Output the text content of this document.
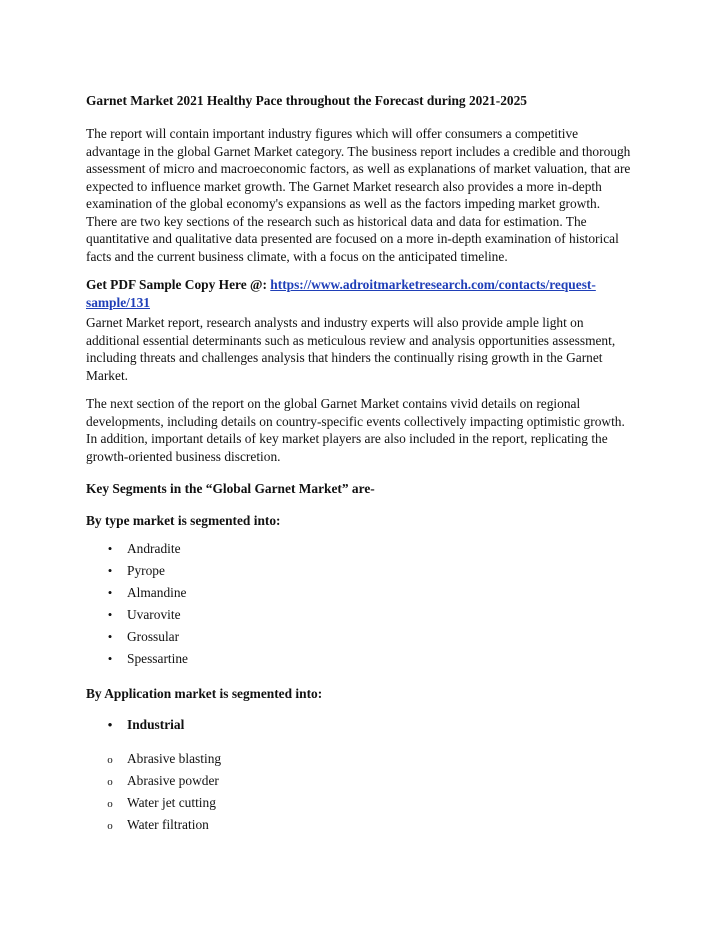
Garnet Market 2021 Healthy Pace throughout the Forecast during 2021-2025

The report will contain important industry figures which will offer consumers a competitive advantage in the global Garnet Market category. The business report includes a credible and thorough assessment of micro and macroeconomic factors, as well as explanations of market valuation, that are expected to influence market growth. The Garnet Market research also provides a more in-depth examination of the global economy's expansions as well as the factors impeding market growth. There are two key sections of the research such as historical data and data for estimation. The quantitative and qualitative data presented are focused on a more in-depth examination of historical facts and the current business climate, with a focus on the anticipated timeline.

Get PDF Sample Copy Here @: https://www.adroitmarketresearch.com/contacts/request-sample/131

Garnet Market report, research analysts and industry experts will also provide ample light on additional essential determinants such as meticulous review and analysis opportunities assessment, including threats and challenges analysis that hinders the continually rising growth in the Garnet Market.

The next section of the report on the global Garnet Market contains vivid details on regional developments, including details on country-specific events collectively impacting optimistic growth. In addition, important details of key market players are also included in the report, replicating the growth-oriented business discretion.

Key Segments in the “Global Garnet Market” are-

By type market is segmented into:

•
Andradite
•
Pyrope
•
Almandine
•
Uvarovite
•
Grossular
•
Spessartine

By Application market is segmented into:

•
Industrial
o
Abrasive blasting
o
Abrasive powder
o
Water jet cutting
o
Water filtration
